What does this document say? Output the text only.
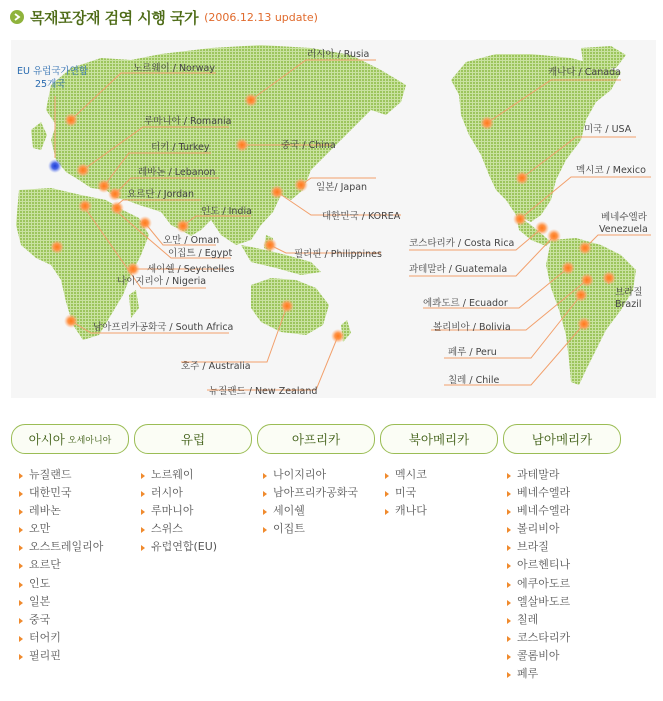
목재포장재 검역 시행 국가 (2006.12.13 update)
EU 유럽국가연합
25개국
노르웨이 / Norway
루마니아 / Romania
터키 / Turkey
레바논 / Lebanon
요르단 / Jordan
인도 / India
오만 / Oman
이집트 / Egypt
세이쉘 / Seychelles
나이지리아 / Nigeria
남아프리카공화국 / South Africa
러시아 / Rusia
중국 / China
일본/ Japan
대한민국 / KOREA
필리핀 / Philippines
호주 / Australia
뉴질랜드 / New Zealand
캐나다 / Canada
미국 / USA
멕시코 / Mexico
베네수엘라
Venezuela
코스타리카 / Costa Rica
과테말라 / Guatemala
에콰도르 / Ecuador
볼리비아 / Bolivia
페루 / Peru
칠레 / Chile
브라질
Brazil
아시아 오세아니아	유럽	아프리카	북아메리카	남아메리카
뉴질랜드
대한민국
레바논
오만
오스트레일리아
요르단
인도
일본
중국
터어키
필리핀
노르웨이
러시아
루마니아
스위스
유럽연합(EU)
나이지리아
남아프리카공화국
세이쉘
이집트
멕시코
미국
캐나다
과테말라
베네수엘라
베네수엘라
볼리비아
브라질
아르헨티나
에쿠아도르
엘살바도르
칠레
코스타리카
콜롬비아
페루
